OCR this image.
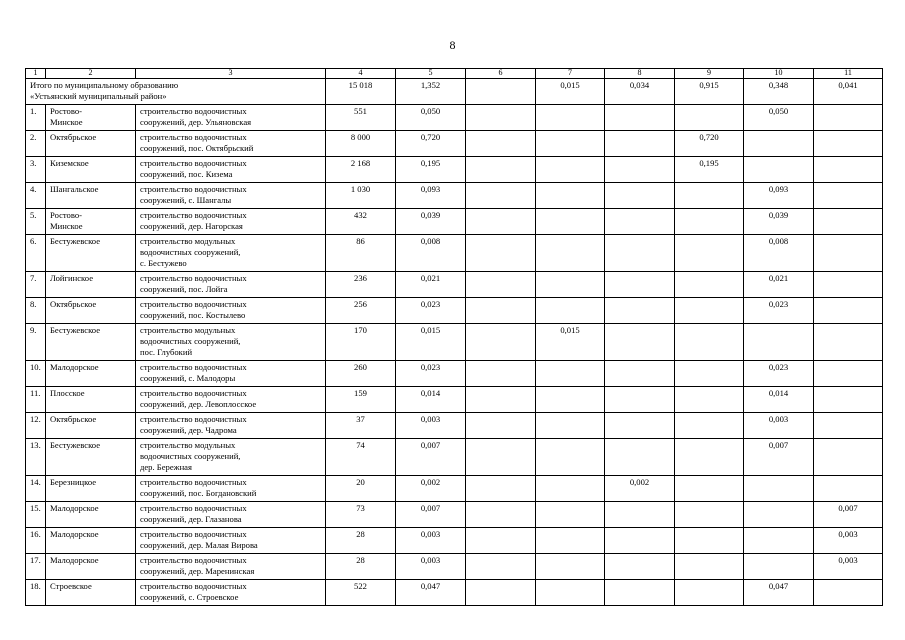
8
1	2	3	4	5	6	7	8	9	10	11
Итого по муниципальному образованию
«Устьянский муниципальный район»			15 018	1,352		0,015	0,034	0,915	0,348	0,041
1.	Ростово-
Минское	строительство водоочистных
сооружений, дер. Ульяновская	551	0,050					0,050	
2.	Октябрьское	строительство водоочистных
сооружений, пос. Октябрьский	8 000	0,720				0,720		
3.	Киземское	строительство водоочистных
сооружений, пос. Кизема	2 168	0,195				0,195		
4.	Шангальское	строительство водоочистных
сооружений, с. Шангалы	1 030	0,093					0,093	
5.	Ростово-
Минское	строительство водоочистных
сооружений, дер. Нагорская	432	0,039					0,039	
6.	Бестужевское	строительство модульных
водоочистных сооружений,
с. Бестужево	86	0,008					0,008	
7.	Лойгинское	строительство водоочистных
сооружений, пос. Лойга	236	0,021					0,021	
8.	Октябрьское	строительство водоочистных
сооружений, пос. Костылево	256	0,023					0,023	
9.	Бестужевское	строительство модульных
водоочистных сооружений,
пос. Глубокий	170	0,015		0,015				
10.	Малодорское	строительство водоочистных
сооружений, с. Малодоры	260	0,023					0,023	
11.	Плосское	строительство водоочистных
сооружений, дер. Левоплосское	159	0,014					0,014	
12.	Октябрьское	строительство водоочистных
сооружений, дер. Чадрома	37	0,003					0,003	
13.	Бестужевское	строительство модульных
водоочистных сооружений,
дер. Бережная	74	0,007					0,007	
14.	Березницкое	строительство водоочистных
сооружений, пос. Богдановский	20	0,002			0,002			
15.	Малодорское	строительство водоочистных
сооружений, дер. Глазанова	73	0,007						0,007
16.	Малодорское	строительство водоочистных
сооружений, дер. Малая Вирова	28	0,003						0,003
17.	Малодорское	строительство водоочистных
сооружений, дер. Маренинская	28	0,003						0,003
18.	Строевское	строительство водоочистных
сооружений, с. Строевское	522	0,047					0,047	
